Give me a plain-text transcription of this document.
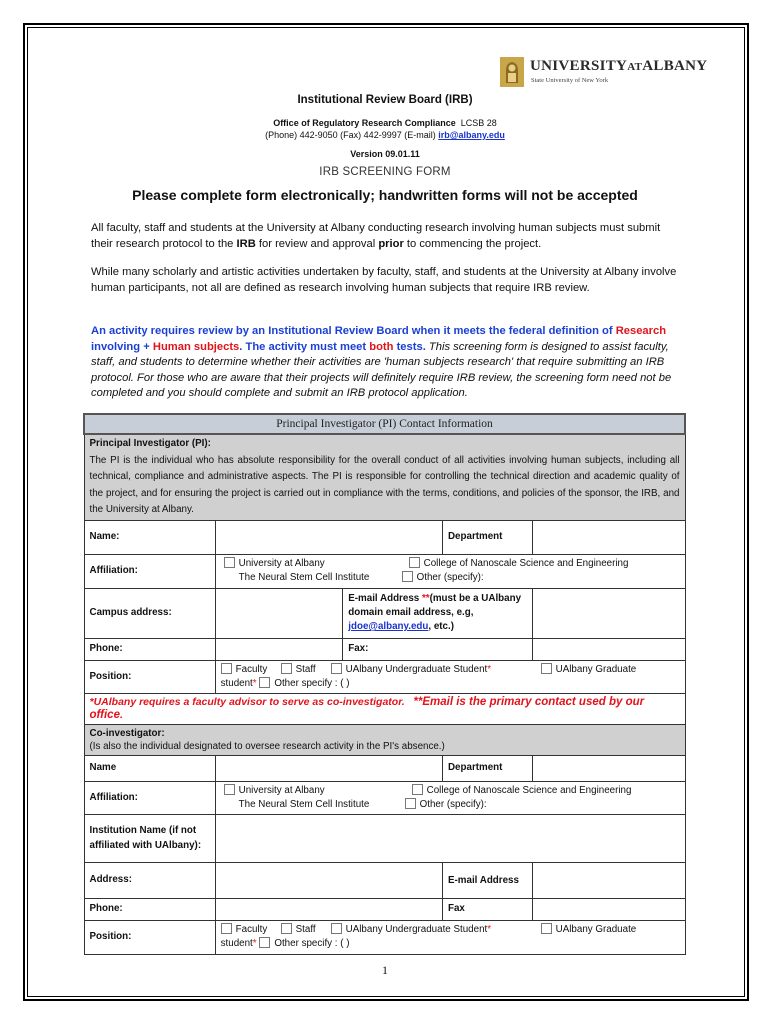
UNIVERSITYATALBANY
State University of New York
Institutional Review Board (IRB)
Office of Regulatory Research Compliance LCSB 28
(Phone) 442-9050 (Fax) 442-9997 (E-mail) irb@albany.edu
Version 09.01.11
IRB SCREENING FORM
Please complete form electronically; handwritten forms will not be accepted
All faculty, staff and students at the University at Albany conducting research involving human subjects must submit their research protocol to the IRB for review and approval prior to commencing the project.
While many scholarly and artistic activities undertaken by faculty, staff, and students at the University at Albany involve human participants, not all are defined as research involving human subjects that require IRB review.
An activity requires review by an Institutional Review Board when it meets the federal definition of Research involving + Human subjects. The activity must meet both tests. This screening form is designed to assist faculty, staff, and students to determine whether their activities are 'human subjects research' that require submitting an IRB protocol. For those who are aware that their projects will definitely require IRB review, the screening form need not be completed and you should complete and submit an IRB protocol application.
Principal Investigator (PI) Contact Information				
Principal Investigator (PI):

The PI is the individual who has absolute responsibility for the overall conduct of all activities involving human subjects, including all technical, compliance and administrative aspects. The PI is responsible for controlling the technical direction and academic quality of the project, and for ensuring the project is carried out in compliance with the terms, conditions, and policies of the sponsor, the IRB, and the University at Albany.				

Name:			Department	
Affiliation:	University at Albany College of Nanoscale Science and Engineering
The Neural Stem Cell Institute Other (specify):			

Campus address:		E-mail Address **(must be a UAlbany domain email address, e.g,
jdoe@albany.edu, etc.)		
Phone:		Fax:		
Position:	Faculty Staff UAlbany Undergraduate Student* UAlbany Graduate
student* Other specify : ( )			

*UAlbany requires a faculty advisor to serve as co-investigator. **Email is the primary contact used by our office.				
Co-investigator:
(Is also the individual designated to oversee research activity in the PI's absence.)				
Name			Department	
Affiliation:	University at Albany College of Nanoscale Science and Engineering
The Neural Stem Cell Institute Other (specify):			

Institution Name (if not affiliated with UAlbany):				
Address:			E-mail Address	
Phone:			Fax	
Position:	Faculty Staff UAlbany Undergraduate Student* UAlbany Graduate
student* Other specify : ( )			
1
